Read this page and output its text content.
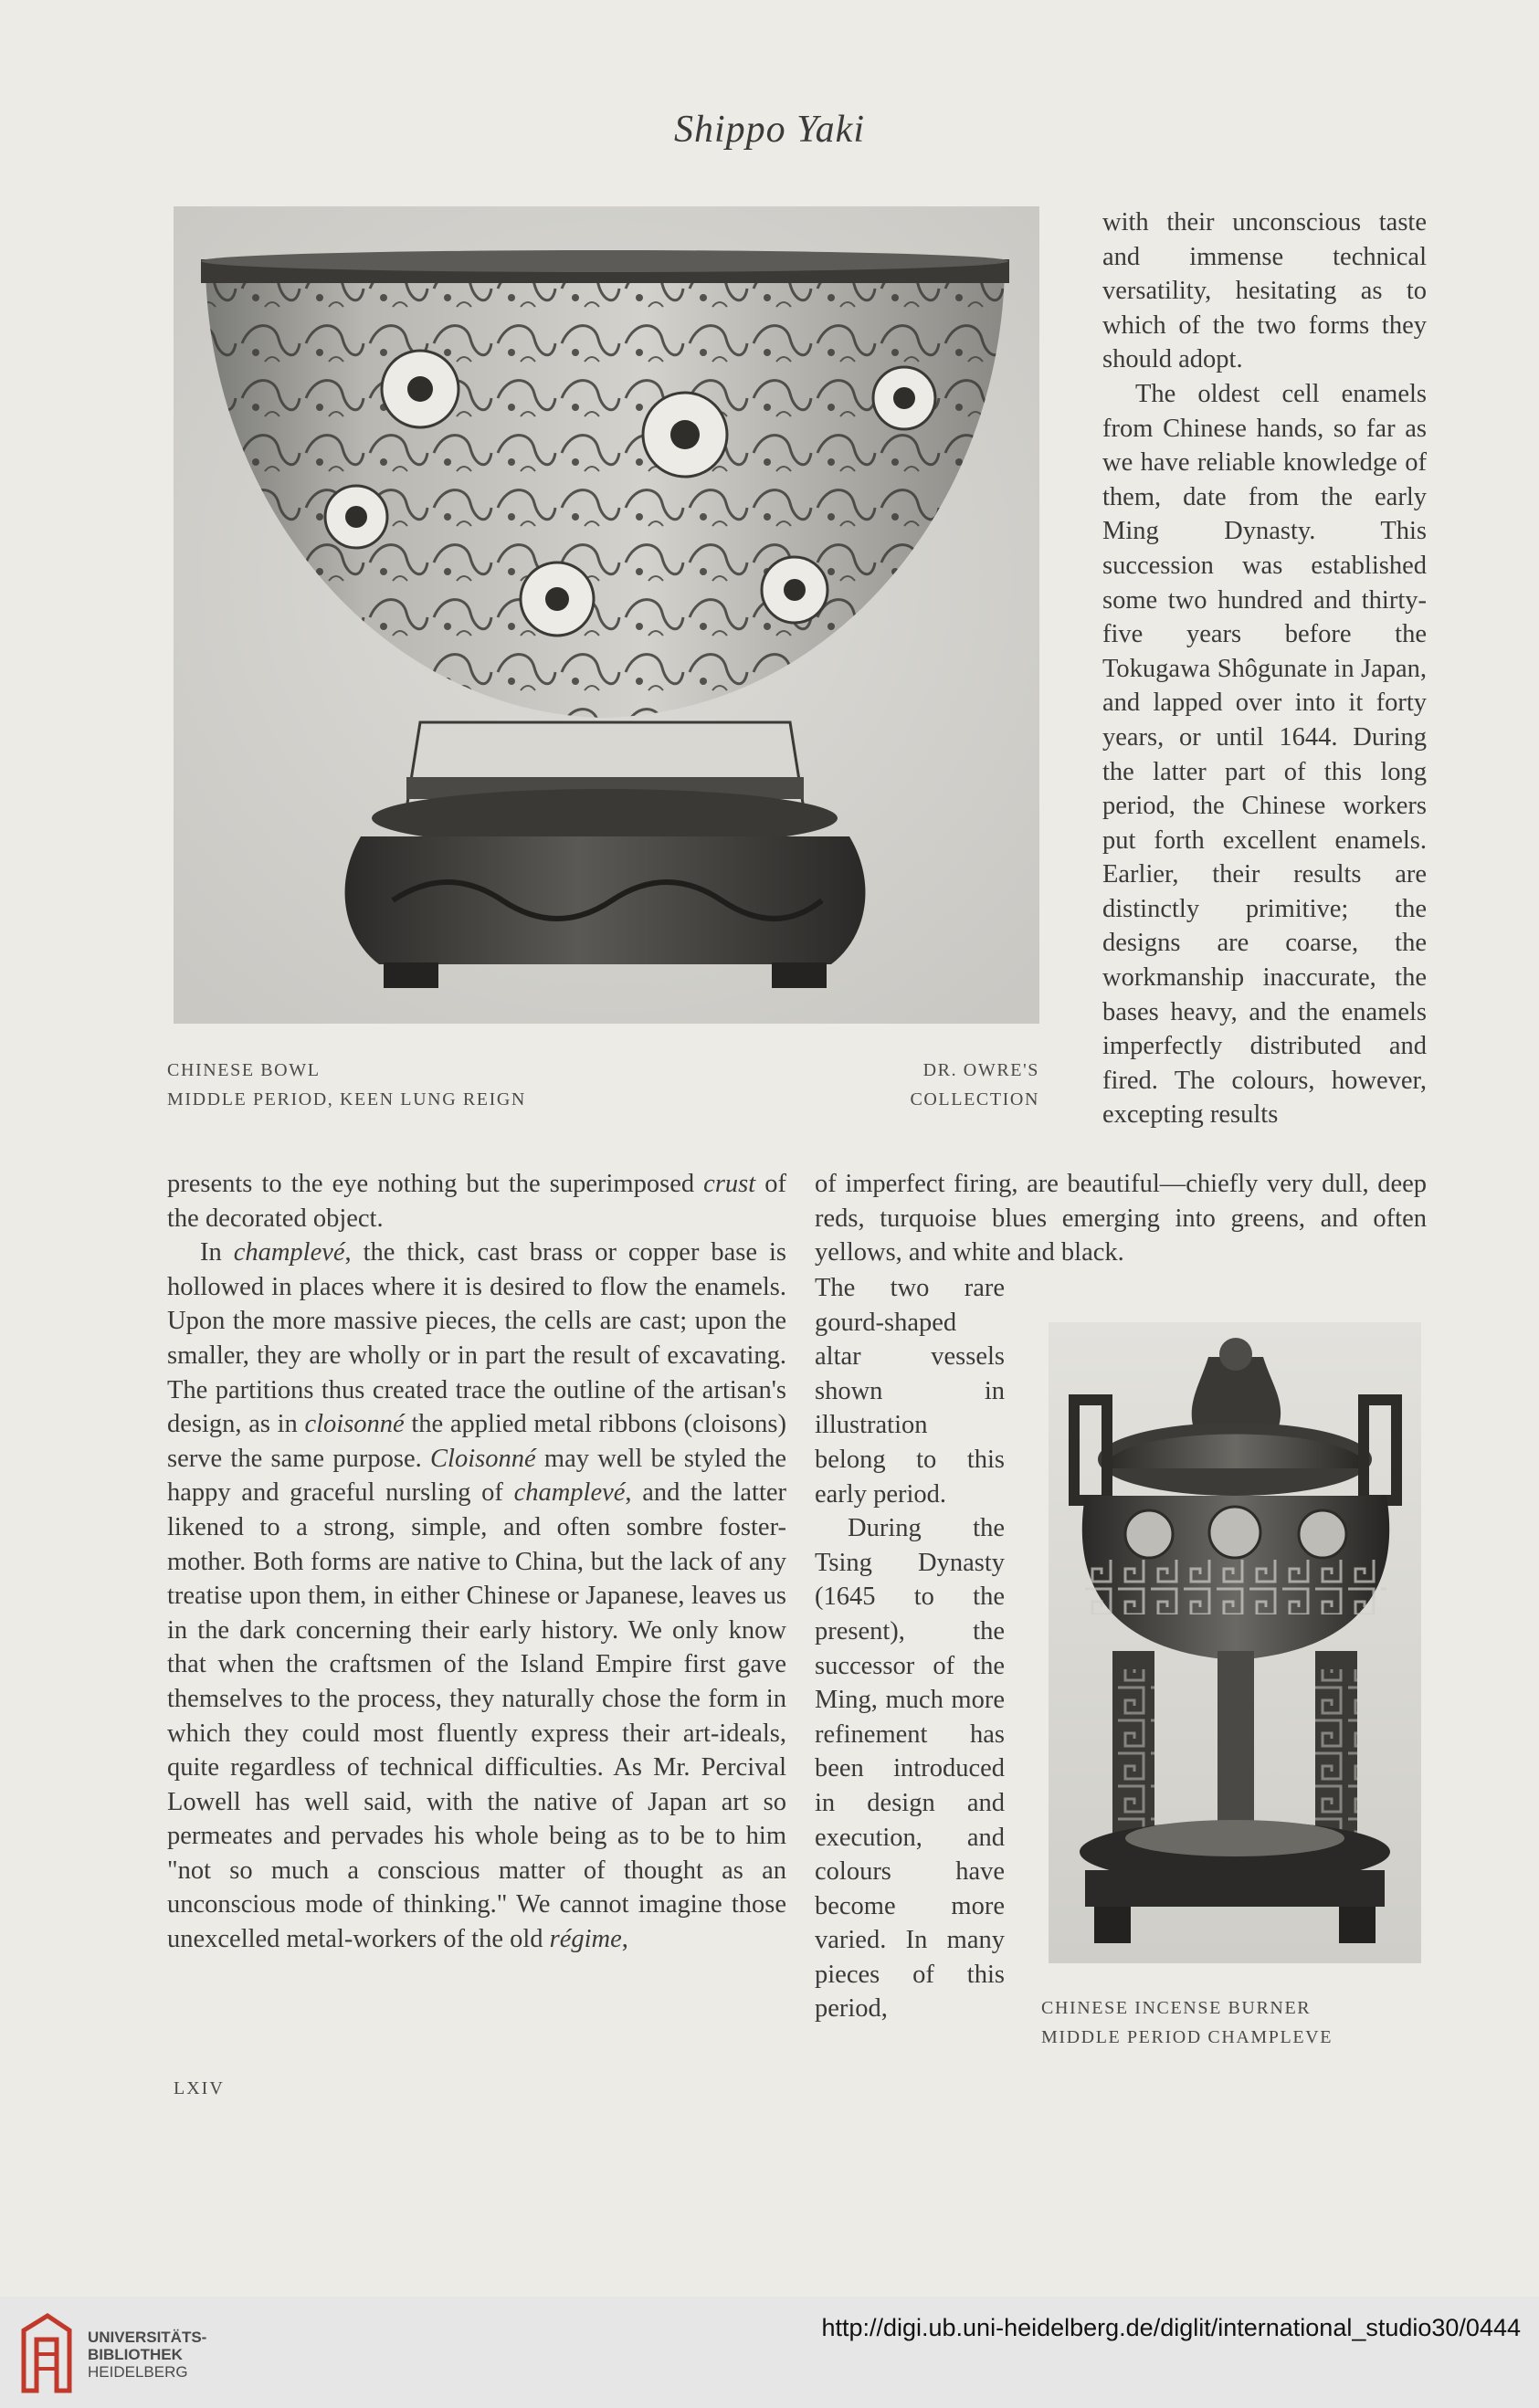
Shippo Yaki

with their unconscious taste and immense technical versatility, hesitating as to which of the two forms they should adopt.

The oldest cell enamels from Chinese hands, so far as we have reliable knowledge of them, date from the early Ming Dynasty. This succession was established some two hundred and thirty-five years before the Tokugawa Shôgunate in Japan, and lapped over into it forty years, or until 1644. During the latter part of this long period, the Chinese workers put forth excellent enamels. Earlier, their results are distinctly primitive; the designs are coarse, the workmanship inaccurate, the bases heavy, and the enamels imperfectly distributed and fired. The colours, however, excepting results

CHINESE BOWL
MIDDLE PERIOD, KEEN LUNG REIGN
DR. OWRE'S
COLLECTION

presents to the eye nothing but the superimposed crust of the decorated object.

In champlevé, the thick, cast brass or copper base is hollowed in places where it is desired to flow the enamels. Upon the more massive pieces, the cells are cast; upon the smaller, they are wholly or in part the result of excavating. The partitions thus created trace the outline of the artisan's design, as in cloisonné the applied metal ribbons (cloisons) serve the same purpose. Cloisonné may well be styled the happy and graceful nursling of champlevé, and the latter likened to a strong, simple, and often sombre foster-mother. Both forms are native to China, but the lack of any treatise upon them, in either Chinese or Japanese, leaves us in the dark concerning their early history. We only know that when the craftsmen of the Island Empire first gave themselves to the process, they naturally chose the form in which they could most fluently express their art-ideals, quite regardless of technical difficulties. As Mr. Percival Lowell has well said, with the native of Japan art so permeates and pervades his whole being as to be to him "not so much a conscious matter of thought as an unconscious mode of thinking." We cannot imagine those unexcelled metal-workers of the old régime,

of imperfect firing, are beautiful—chiefly very dull, deep reds, turquoise blues emerging into greens, and often yellows, and white and black.

The two rare gourd-shaped altar vessels shown in illustration belong to this early period.

During the Tsing Dynasty (1645 to the present), the successor of the Ming, much more refinement has been introduced in design and execution, and colours have become more varied. In many pieces of this period,	CHINESE INCENSE BURNER
MIDDLE PERIOD CHAMPLEVE
LXIV
UNIVERSITÄTS-
BIBLIOTHEK
HEIDELBERG
http://digi.ub.uni-heidelberg.de/diglit/international_studio30/0444
